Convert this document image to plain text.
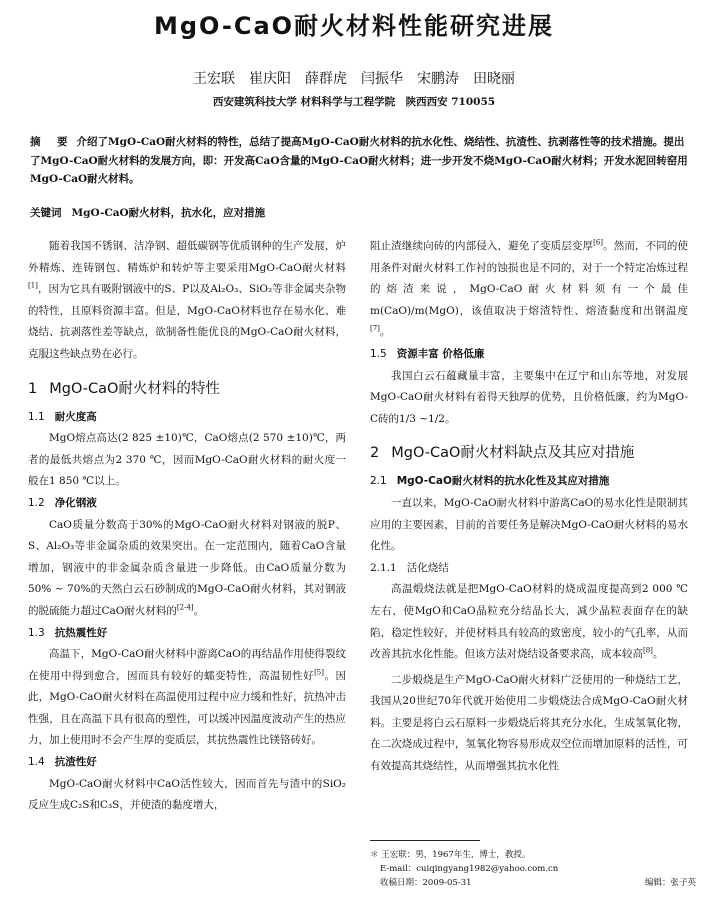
MgO-CaO耐火材料性能研究进展
王宏联　崔庆阳　薛群虎　闫振华　宋鹏涛　田晓丽
西安建筑科技大学 材料科学与工程学院　陕西西安 710055
摘　要 介绍了MgO-CaO耐火材料的特性，总结了提高MgO-CaO耐火材料的抗水化性、烧结性、抗渣性、抗剥落性等的技术措施。提出了MgO-CaO耐火材料的发展方向，即：开发高CaO含量的MgO-CaO耐火材料；进一步开发不烧MgO-CaO耐火材料；开发水泥回转窑用MgO-CaO耐火材料。
关键词 MgO-CaO耐火材料，抗水化，应对措施

随着我国不锈钢、洁净钢、超低碳钢等优质钢种的生产发展，炉外精炼、连铸钢包、精炼炉和转炉等主要采用MgO-CaO耐火材料[1]，因为它具有吸附钢液中的S、P以及Al₂O₃、SiO₂等非金属夹杂物的特性，且原料资源丰富。但是，MgO-CaO材料也存在易水化、难烧结、抗剥落性差等缺点，欲制备性能优良的MgO-CaO耐火材料，克服这些缺点势在必行。

1 MgO-CaO耐火材料的特性
1.1 耐火度高

MgO熔点高达(2 825 ±10)℃，CaO熔点(2 570 ±10)℃，两者的最低共熔点为2 370 ℃，因而MgO-CaO耐火材料的耐火度一般在1 850 ℃以上。

1.2 净化钢液

CaO质量分数高于30%的MgO-CaO耐火材料对钢液的脱P、S、Al₂O₃等非金属杂质的效果突出。在一定范围内，随着CaO含量增加，钢液中的非金属杂质含量进一步降低。由CaO质量分数为50% ~ 70%的天然白云石砂制成的MgO-CaO耐火材料，其对钢液的脱硫能力超过CaO耐火材料的[2-4]。

1.3 抗热震性好

高温下，MgO-CaO耐火材料中游离CaO的再结晶作用使得裂纹在使用中得到愈合，因而具有较好的蠕变特性，高温韧性好[5]。因此，MgO-CaO耐火材料在高温使用过程中应力缓和性好，抗热冲击性强，且在高温下具有很高的塑性，可以缓冲因温度波动产生的热应力，加上使用时不会产生厚的变质层，其抗热震性比镁铬砖好。

1.4 抗渣性好

MgO-CaO耐火材料中CaO活性较大，因而首先与渣中的SiO₂反应生成C₂S和C₃S，并使渣的黏度增大，

阻止渣继续向砖的内部侵入，避免了变质层变厚[6]。然而，不同的使用条件对耐火材料工作衬的蚀损也是不同的，对于一个特定冶炼过程的熔渣来说，MgO-CaO耐火材料须有一个最佳m(CaO)/m(MgO)，该值取决于熔渣特性、熔渣黏度和出钢温度[7]。

1.5 资源丰富 价格低廉

我国白云石蕴藏量丰富，主要集中在辽宁和山东等地，对发展MgO-CaO耐火材料有着得天独厚的优势，且价格低廉，约为MgO-C砖的1/3 ~1/2。

2 MgO-CaO耐火材料缺点及其应对措施
2.1 MgO-CaO耐火材料的抗水化性及其应对措施

一直以来，MgO-CaO耐火材料中游离CaO的易水化性是限制其应用的主要因素，目前的首要任务是解决MgO-CaO耐火材料的易水化性。

2.1.1 活化烧结

高温煅烧法就是把MgO-CaO材料的烧成温度提高到2 000 ℃左右，使MgO和CaO晶粒充分结晶长大，减少晶粒表面存在的缺陷，稳定性较好，并使材料具有较高的致密度，较小的气孔率，从而改善其抗水化性能。但该方法对烧结设备要求高，成本较高[8]。

二步煅烧是生产MgO-CaO耐火材料广泛使用的一种烧结工艺，我国从20世纪70年代就开始使用二步煅烧法合成MgO-CaO耐火材料。主要是将白云石原料一步煅烧后将其充分水化，生成氢氧化物，在二次烧成过程中，氢氧化物容易形成双空位而增加原料的活性，可有效提高其烧结性，从而增强其抗水化性

＊ 王宏联：男，1967年生，博士，教授。
E-mail：cuiqingyang1982@yahoo.com.cn
收稿日期：2009-05-31	编辑：张子英
